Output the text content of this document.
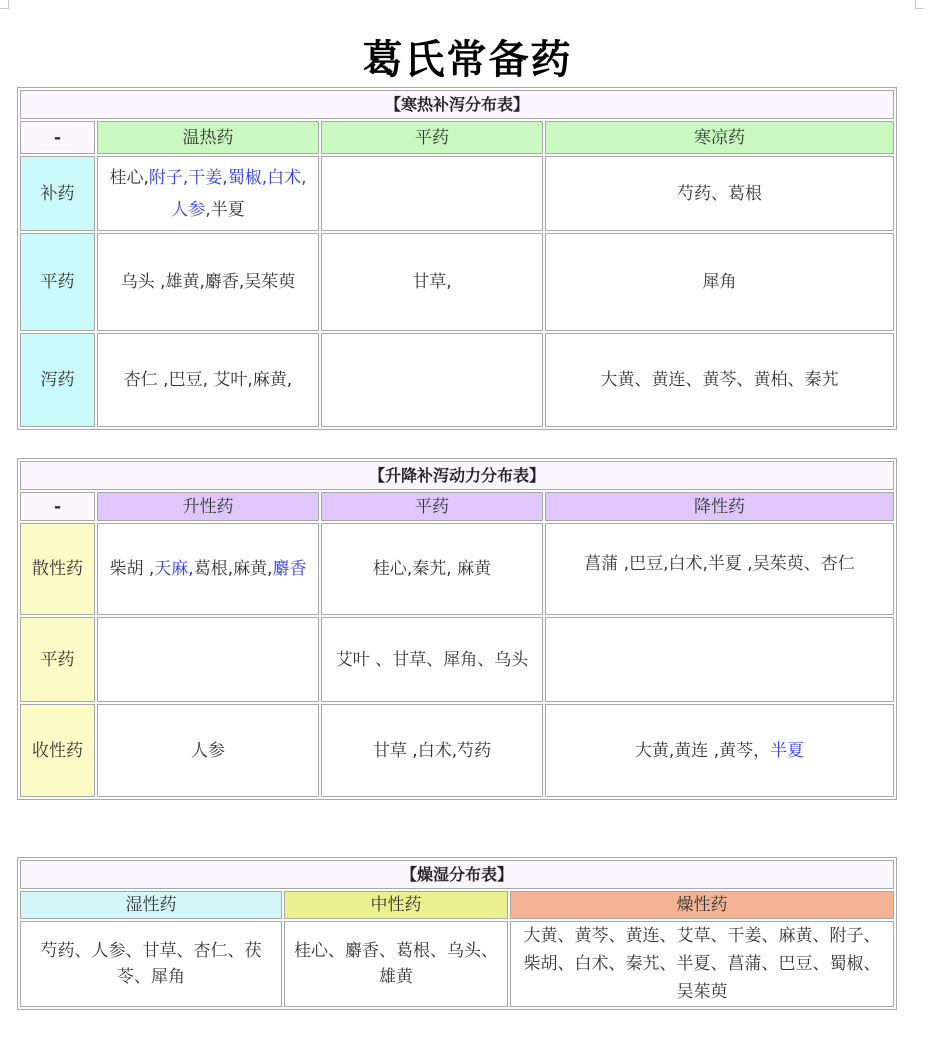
葛氏常备药
【寒热补泻分布表】			
-	温热药	平药	寒凉药
补药	桂心,附子,干姜,蜀椒,白术,人参,半夏		芍药、葛根
平药	乌头 ,雄黄,麝香,吴茱萸	甘草,	犀角
泻药	杏仁 ,巴豆, 艾叶,麻黄,		大黄、黄连、黄芩、黄柏、秦艽
【升降补泻动力分布表】			
-	升性药	平药	降性药
散性药	柴胡 ,天麻,葛根,麻黄,麝香	桂心,秦艽, 麻黄	菖蒲 ,巴豆,白术,半夏 ,吴茱萸、杏仁
平药		艾叶 、甘草、犀角、乌头	
收性药	人参	甘草 ,白术,芍药	大黄,黄连 ,黄芩，半夏
【燥湿分布表】		
湿性药	中性药	燥性药
芍药、人参、甘草、杏仁、茯苓、犀角	桂心、麝香、葛根、乌头、雄黄	大黄、黄芩、黄连、艾草、干姜、麻黄、附子、柴胡、白术、秦艽、半夏、菖蒲、巴豆、蜀椒、吴茱萸
